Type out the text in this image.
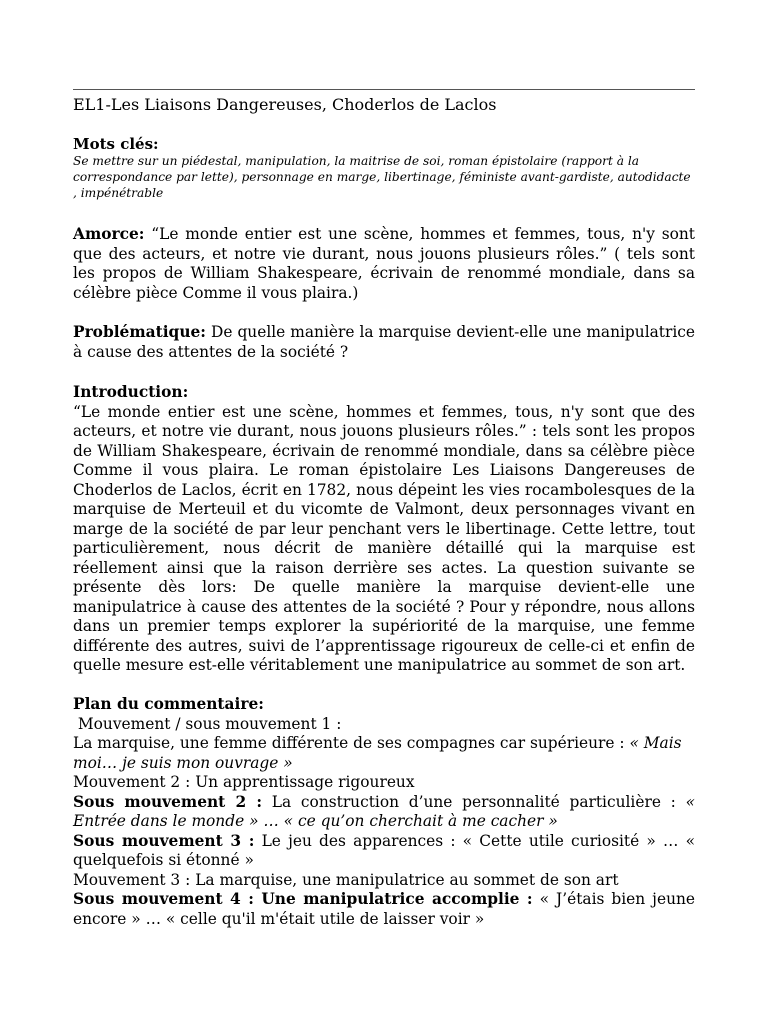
EL1-Les Liaisons Dangereuses, Choderlos de Laclos
Mots clés:
Se mettre sur un piédestal, manipulation, la maitrise de soi, roman épistolaire (rapport à la correspondance par lette), personnage en marge, libertinage, féministe avant-gardiste, autodidacte , impénétrable
Amorce: “Le monde entier est une scène, hommes et femmes, tous, n'y sont que des acteurs, et notre vie durant, nous jouons plusieurs rôles.” ( tels sont les propos de William Shakespeare, écrivain de renommé mondiale, dans sa célèbre pièce Comme il vous plaira.)
Problématique: De quelle manière la marquise devient-elle une manipulatrice à cause des attentes de la société ?
Introduction:
“Le monde entier est une scène, hommes et femmes, tous, n'y sont que des acteurs, et notre vie durant, nous jouons plusieurs rôles.” : tels sont les propos de William Shakespeare, écrivain de renommé mondiale, dans sa célèbre pièce Comme il vous plaira. Le roman épistolaire Les Liaisons Dangereuses de Choderlos de Laclos, écrit en 1782, nous dépeint les vies rocambolesques de la marquise de Merteuil et du vicomte de Valmont, deux personnages vivant en marge de la société de par leur penchant vers le libertinage. Cette lettre, tout particulièrement, nous décrit de manière détaillé qui la marquise est réellement ainsi que la raison derrière ses actes. La question suivante se présente dès lors: De quelle manière la marquise devient-elle une manipulatrice à cause des attentes de la société ? Pour y répondre, nous allons dans un premier temps explorer la supériorité de la marquise, une femme différente des autres, suivi de l’apprentissage rigoureux de celle-ci et enfin de quelle mesure est-elle véritablement une manipulatrice au sommet de son art.
Plan du commentaire:
Mouvement / sous mouvement 1 :
La marquise, une femme différente de ses compagnes car supérieure : « Mais moi… je suis mon ouvrage »
Mouvement 2 : Un apprentissage rigoureux
Sous mouvement 2 : La construction d’une personnalité particulière : « Entrée dans le monde » … « ce qu’on cherchait à me cacher »
Sous mouvement 3 : Le jeu des apparences : « Cette utile curiosité » … « quelquefois si étonné »
Mouvement 3 : La marquise, une manipulatrice au sommet de son art
Sous mouvement 4 : Une manipulatrice accomplie : « J’étais bien jeune encore » … « celle qu'il m'était utile de laisser voir »
